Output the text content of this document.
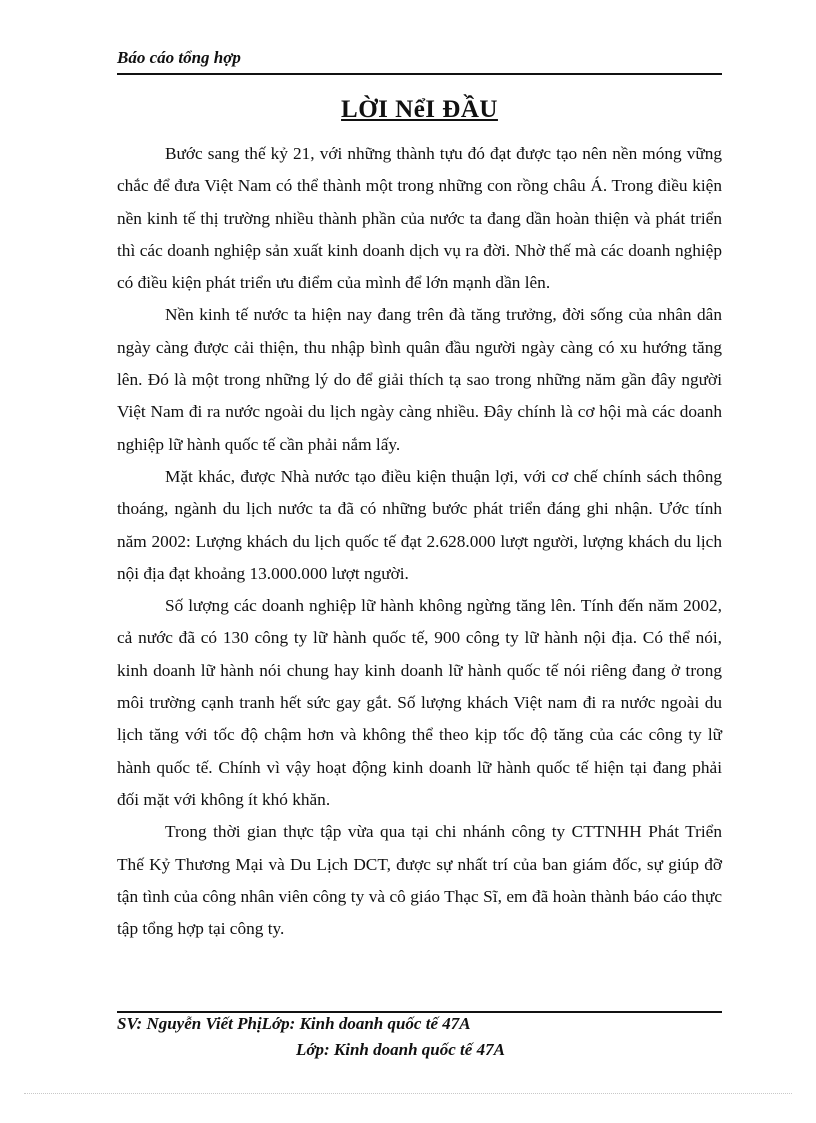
Báo cáo tổng hợp
LỜI NểI ĐẦU

Bước sang thế kỷ 21, với những thành tựu đó đạt được tạo nên nền móng vững chắc để đưa Việt Nam có thể thành một trong những con rồng châu Á. Trong điều kiện nền kinh tế thị trường nhiều thành phần của nước ta đang dần hoàn thiện và phát triển thì các doanh nghiệp sản xuất kinh doanh dịch vụ ra đời. Nhờ thế mà các doanh nghiệp có điều kiện phát triển ưu điểm của mình để lớn mạnh dần lên.

Nền kinh tế nước ta hiện nay đang trên đà tăng trưởng, đời sống của nhân dân ngày càng được cải thiện, thu nhập bình quân đầu người ngày càng có xu hướng tăng lên. Đó là một trong những lý do để giải thích tạ sao trong những năm gần đây người Việt Nam đi ra nước ngoài du lịch ngày càng nhiều. Đây chính là cơ hội mà các doanh nghiệp lữ hành quốc tế cần phải nắm lấy.

Mặt khác, được Nhà nước tạo điều kiện thuận lợi, với cơ chế chính sách thông thoáng, ngành du lịch nước ta đã có những bước phát triển đáng ghi nhận. Ước tính năm 2002: Lượng khách du lịch quốc tế đạt 2.628.000 lượt người, lượng khách du lịch nội địa đạt khoảng 13.000.000 lượt người.

Số lượng các doanh nghiệp lữ hành không ngừng tăng lên. Tính đến năm 2002, cả nước đã có 130 công ty lữ hành quốc tế, 900 công ty lữ hành nội địa. Có thể nói, kinh doanh lữ hành nói chung hay kinh doanh lữ hành quốc tế nói riêng đang ở trong môi trường cạnh tranh hết sức gay gắt. Số lượng khách Việt nam đi ra nước ngoài du lịch tăng với tốc độ chậm hơn và không thể theo kịp tốc độ tăng của các công ty lữ hành quốc tế. Chính vì vậy hoạt động kinh doanh lữ hành quốc tế hiện tại đang phải đối mặt với không ít khó khăn.

Trong thời gian thực tập vừa qua tại chi nhánh công ty CTTNHH Phát Triển Thế Kỷ Thương Mại và Du Lịch DCT, được sự nhất trí của ban giám đốc, sự giúp đỡ tận tình của công nhân viên công ty và cô giáo Thạc Sĩ, em đã hoàn thành báo cáo thực tập tổng hợp tại công ty.

SV: Nguyễn Viết PhịLớp: Kinh doanh quốc tế 47A
Lớp: Kinh doanh quốc tế 47A
